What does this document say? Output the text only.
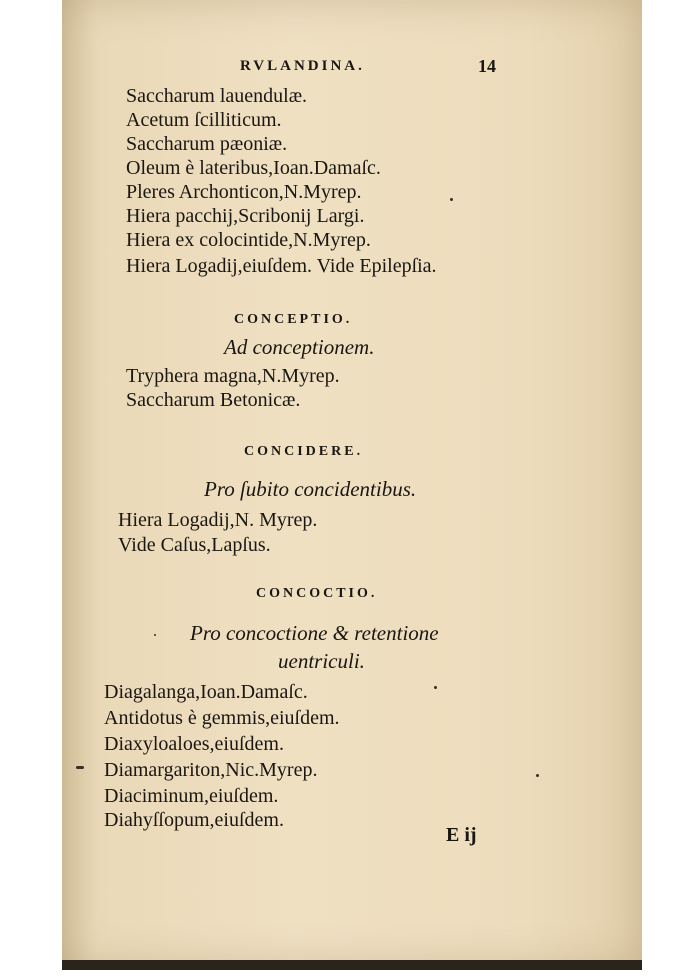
RVLANDINA.	14
Saccharum lauendulæ.
Acetum ſcilliticum.
Saccharum pæoniæ.
Oleum è lateribus,Ioan.Damaſc.
Pleres Archonticon,N.Myrep.
Hiera pacchij,Scribonij Largi.
Hiera ex colocintide,N.Myrep.
Hiera Logadij,eiuſdem. Vide Epilepſia.
CONCEPTIO.
Ad conceptionem.
Tryphera magna,N.Myrep.
Saccharum Betonicæ.
CONCIDERE.
Pro ſubito concidentibus.
Hiera Logadij,N. Myrep.
Vide Caſus,Lapſus.
CONCOCTIO.
Pro concoctione & retentione
uentriculi.
Diagalanga,Ioan.Damaſc.
Antidotus è gemmis,eiuſdem.
Diaxyloaloes,eiuſdem.
Diamargariton,Nic.Myrep.
Diaciminum,eiuſdem.
Diahyſſopum,eiuſdem.
E ij
